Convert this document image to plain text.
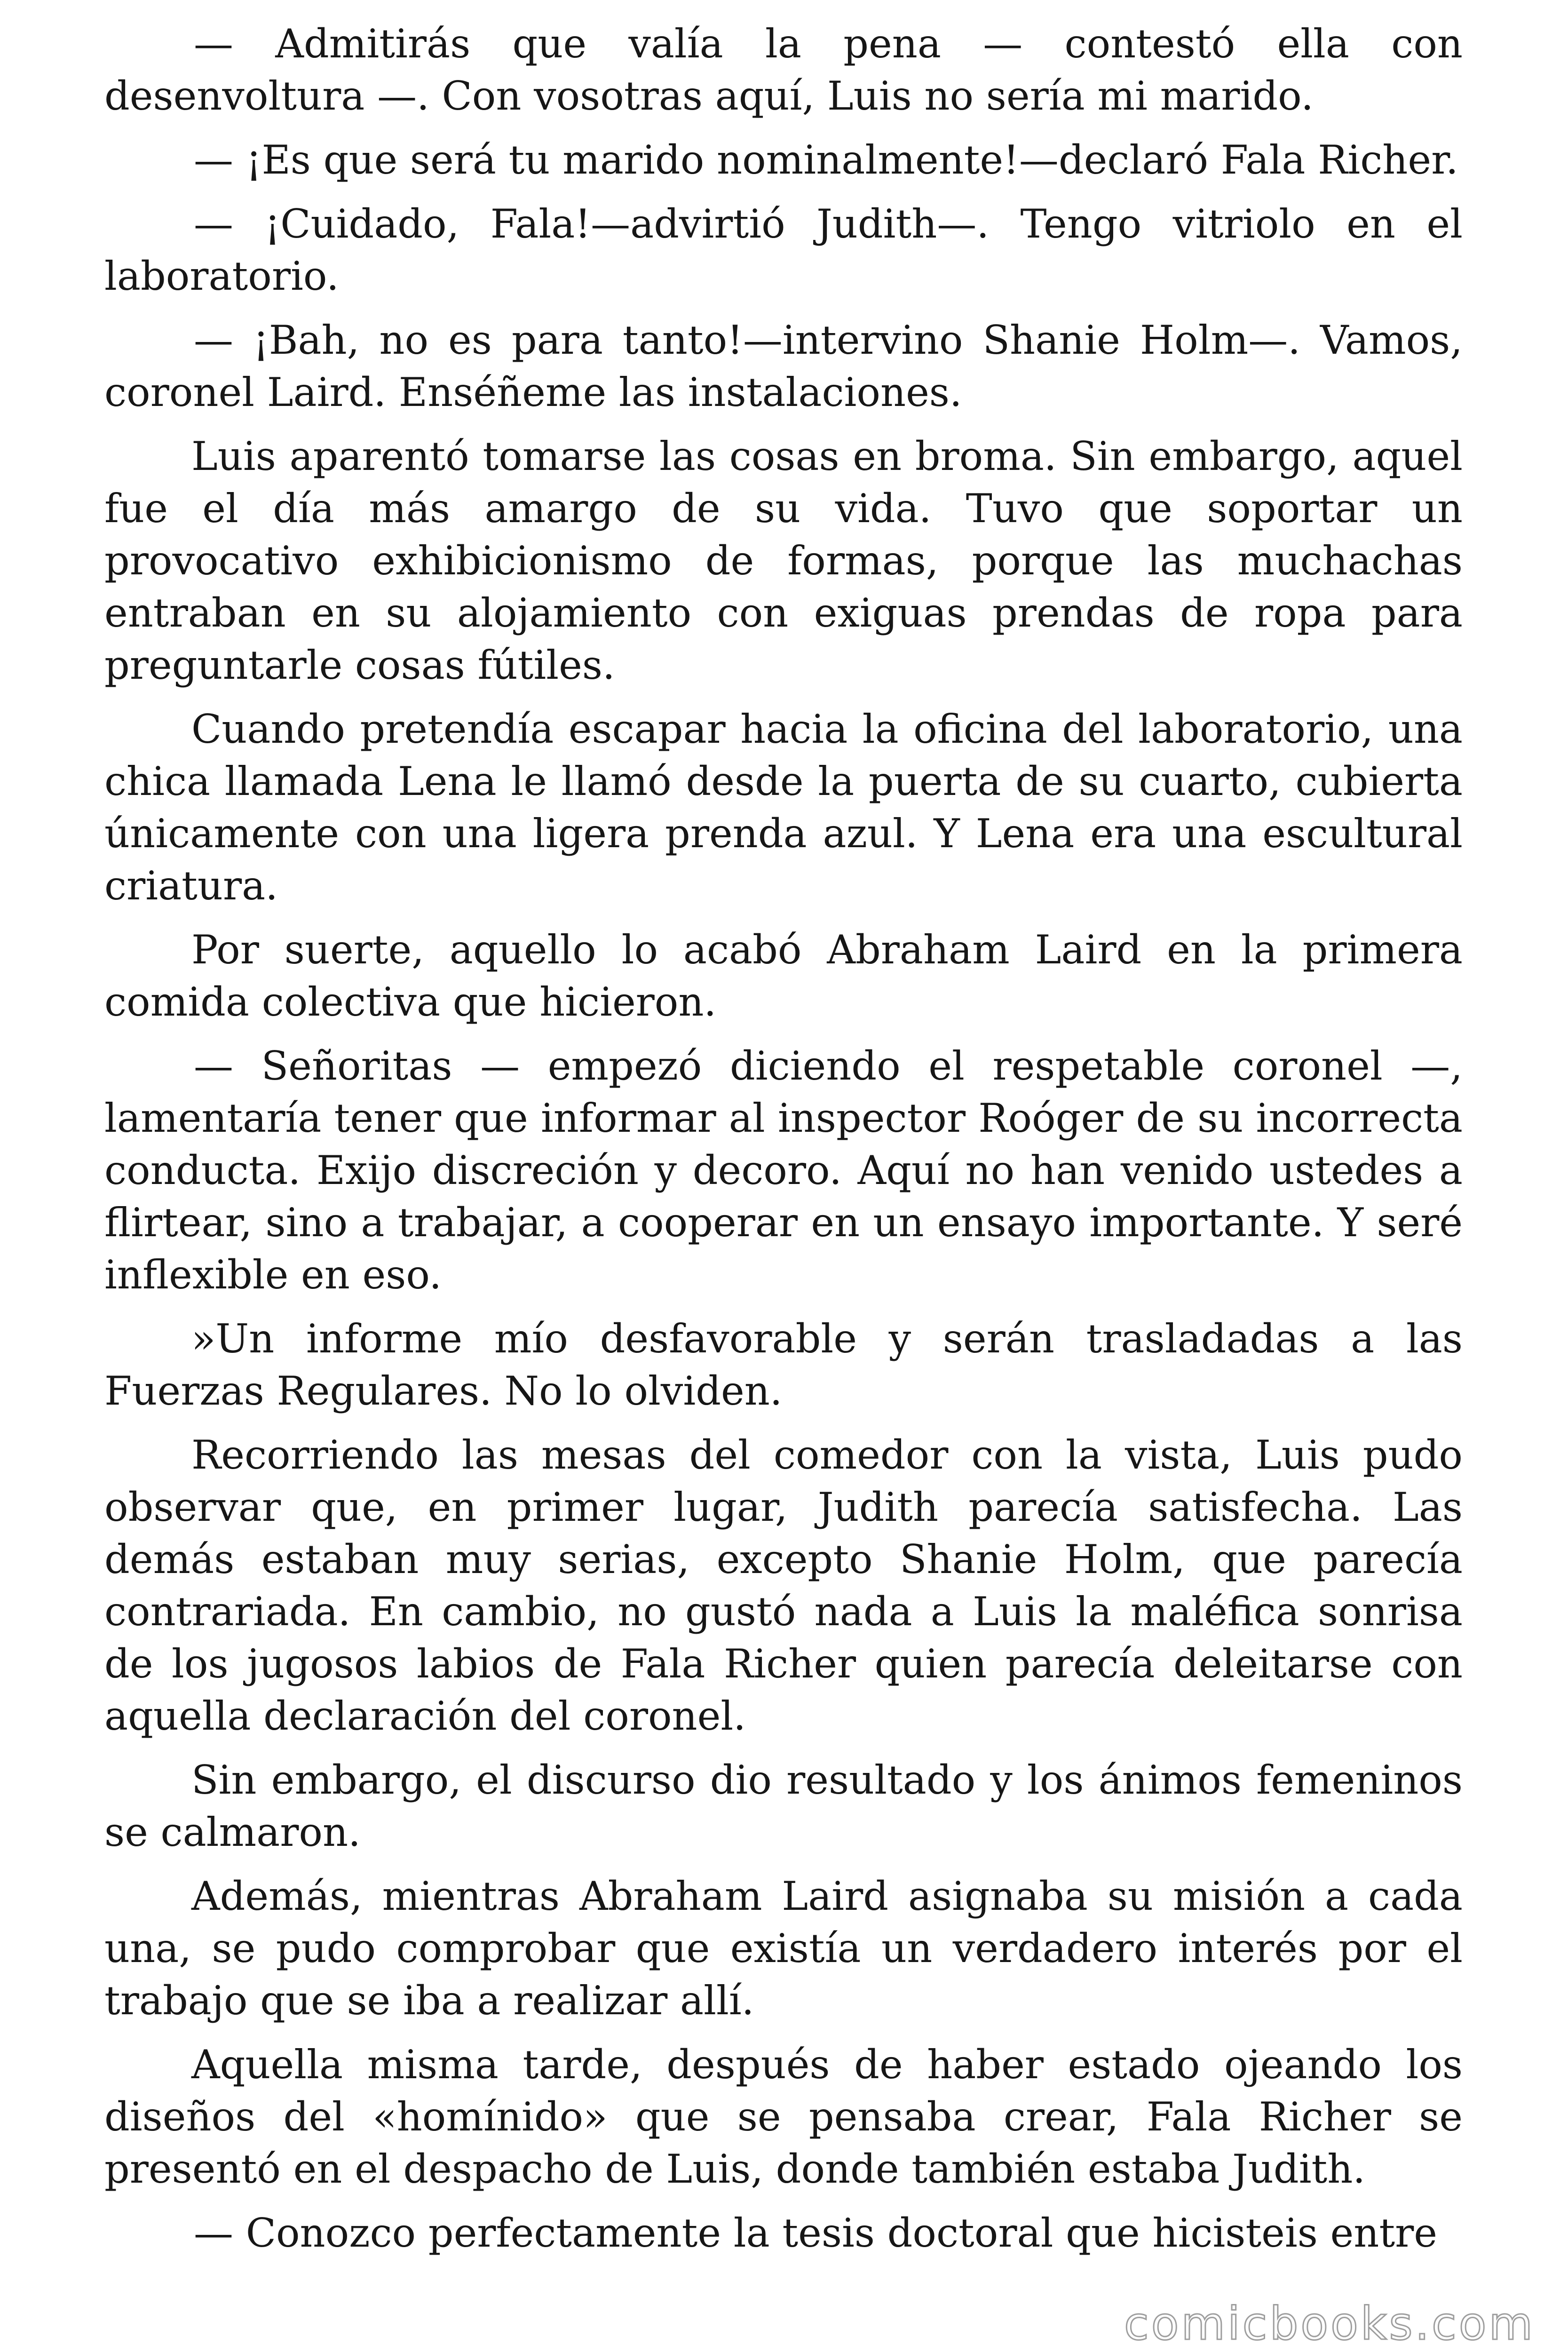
— Admitirás que valía la pena — contestó ella con desenvoltura —. Con vosotras aquí, Luis no sería mi marido.

— ¡Es que será tu marido nominalmente!—declaró Fala Richer.

— ¡Cuidado, Fala!—advirtió Judith—. Tengo vitriolo en el laboratorio.

— ¡Bah, no es para tanto!—intervino Shanie Holm—. Vamos, coronel Laird. Enséñeme las instalaciones.

Luis aparentó tomarse las cosas en broma. Sin embargo, aquel fue el día más amargo de su vida. Tuvo que soportar un provocativo exhibicionismo de formas, porque las muchachas entraban en su alojamiento con exiguas prendas de ropa para preguntarle cosas fútiles.

Cuando pretendía escapar hacia la oficina del laboratorio, una chica llamada Lena le llamó desde la puerta de su cuarto, cubierta únicamente con una ligera prenda azul. Y Lena era una escultural criatura.

Por suerte, aquello lo acabó Abraham Laird en la primera comida colectiva que hicieron.

— Señoritas — empezó diciendo el respetable coronel —, lamentaría tener que informar al inspector Roóger de su incorrecta conducta. Exijo discreción y decoro. Aquí no han venido ustedes a flirtear, sino a trabajar, a cooperar en un ensayo importante. Y seré inflexible en eso.

»Un informe mío desfavorable y serán trasladadas a las Fuerzas Regulares. No lo olviden.

Recorriendo las mesas del comedor con la vista, Luis pudo observar que, en primer lugar, Judith parecía satisfecha. Las demás estaban muy serias, excepto Shanie Holm, que parecía contrariada. En cambio, no gustó nada a Luis la maléfica sonrisa de los jugosos labios de Fala Richer quien parecía deleitarse con aquella declaración del coronel.

Sin embargo, el discurso dio resultado y los ánimos femeninos se calmaron.

Además, mientras Abraham Laird asignaba su misión a cada una, se pudo comprobar que existía un verdadero interés por el trabajo que se iba a realizar allí.

Aquella misma tarde, después de haber estado ojeando los diseños del «homínido» que se pensaba crear, Fala Richer se presentó en el despacho de Luis, donde también estaba Judith.

— Conozco perfectamente la tesis doctoral que hicisteis entre

comicbooks.com
